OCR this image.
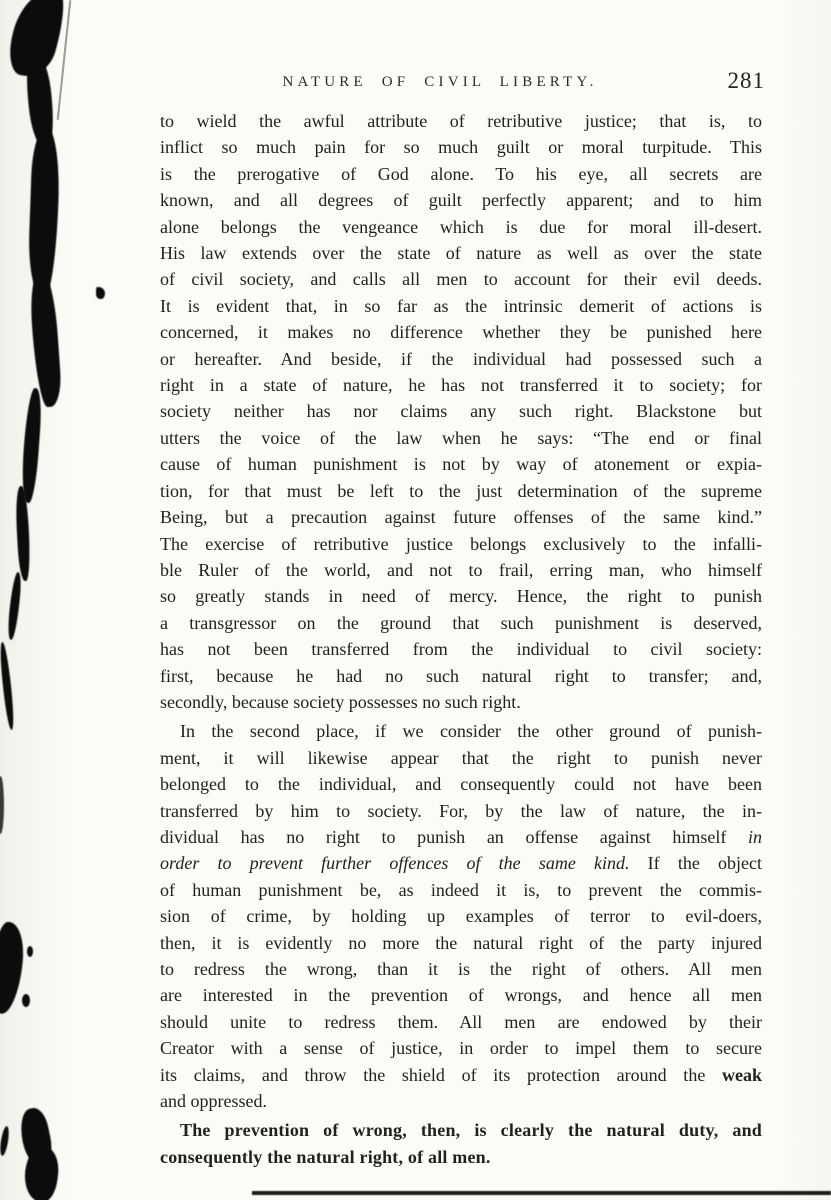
NATURE OF CIVIL LIBERTY.	281
to wield the awful attribute of retributive justice; that is, to
inflict so much pain for so much guilt or moral turpitude. This
is the prerogative of God alone. To his eye, all secrets are
known, and all degrees of guilt perfectly apparent; and to him
alone belongs the vengeance which is due for moral ill-desert.
His law extends over the state of nature as well as over the state
of civil society, and calls all men to account for their evil deeds.
It is evident that, in so far as the intrinsic demerit of actions is
concerned, it makes no difference whether they be punished here
or hereafter. And beside, if the individual had possessed such a
right in a state of nature, he has not transferred it to society; for
society neither has nor claims any such right. Blackstone but
utters the voice of the law when he says: “The end or final
cause of human punishment is not by way of atonement or expia-
tion, for that must be left to the just determination of the supreme
Being, but a precaution against future offenses of the same kind.”
The exercise of retributive justice belongs exclusively to the infalli-
ble Ruler of the world, and not to frail, erring man, who himself
so greatly stands in need of mercy. Hence, the right to punish
a transgressor on the ground that such punishment is deserved,
has not been transferred from the individual to civil society:
first, because he had no such natural right to transfer; and,
secondly, because society possesses no such right.
In the second place, if we consider the other ground of punish-
ment, it will likewise appear that the right to punish never
belonged to the individual, and consequently could not have been
transferred by him to society. For, by the law of nature, the in-
dividual has no right to punish an offense against himself in
order to prevent further offences of the same kind. If the object
of human punishment be, as indeed it is, to prevent the commis-
sion of crime, by holding up examples of terror to evil-doers,
then, it is evidently no more the natural right of the party injured
to redress the wrong, than it is the right of others. All men
are interested in the prevention of wrongs, and hence all men
should unite to redress them. All men are endowed by their
Creator with a sense of justice, in order to impel them to secure
its claims, and throw the shield of its protection around the weak
and oppressed.
The prevention of wrong, then, is clearly the natural duty, and
consequently the natural right, of all men.
